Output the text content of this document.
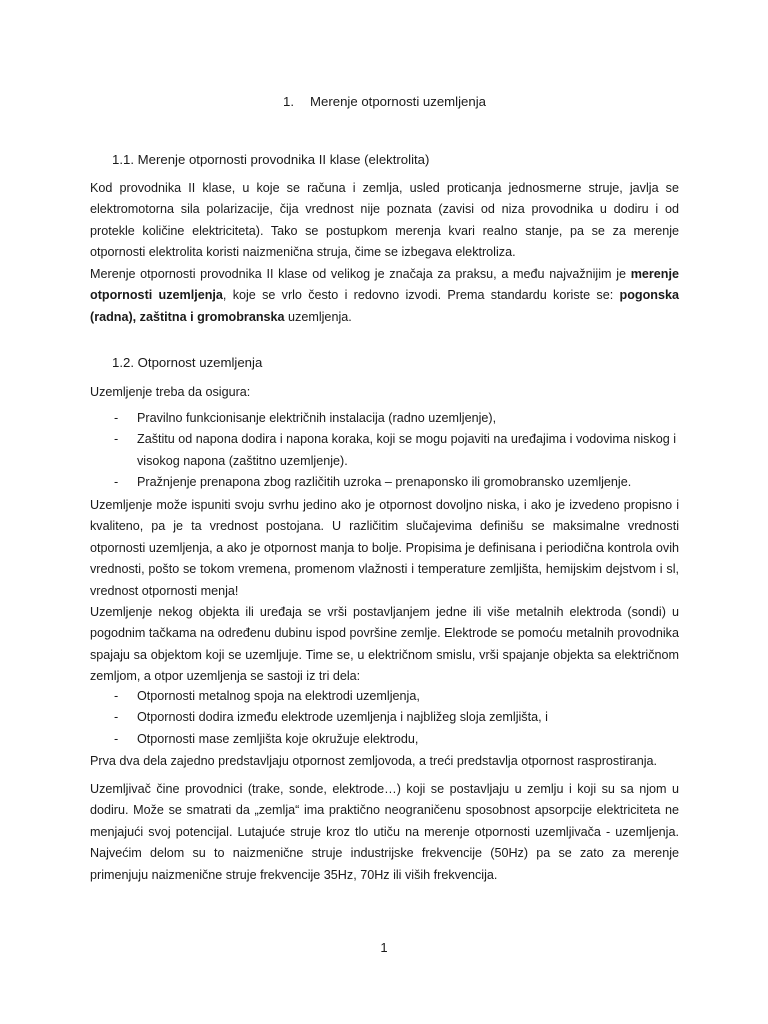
1. Merenje otpornosti uzemljenja
1.1. Merenje otpornosti provodnika II klase (elektrolita)

Kod provodnika II klase, u koje se računa i zemlja, usled proticanja jednosmerne struje, javlja se elektromotorna sila polarizacije, čija vrednost nije poznata (zavisi od niza provodnika u dodiru i od protekle količine elektriciteta). Tako se postupkom merenja kvari realno stanje, pa se za merenje otpornosti elektrolita koristi naizmenična struja, čime se izbegava elektroliza.

Merenje otpornosti provodnika II klase od velikog je značaja za praksu, a među najvažnijim je merenje otpornosti uzemljenja, koje se vrlo često i redovno izvodi. Prema standardu koriste se: pogonska (radna), zaštitna i gromobranska uzemljenja.

1.2. Otpornost uzemljenja

Uzemljenje treba da osigura:

- Pravilno funkcionisanje električnih instalacija (radno uzemljenje),
- Zaštitu od napona dodira i napona koraka, koji se mogu pojaviti na uređajima i vodovima niskog i visokog napona (zaštitno uzemljenje).
- Pražnjenje prenapona zbog različitih uzroka – prenaponsko ili gromobransko uzemljenje.

Uzemljenje može ispuniti svoju svrhu jedino ako je otpornost dovoljno niska, i ako je izvedeno propisno i kvaliteno, pa je ta vrednost postojana. U različitim slučajevima definišu se maksimalne vrednosti otpornosti uzemljenja, a ako je otpornost manja to bolje. Propisima je definisana i periodična kontrola ovih vrednosti, pošto se tokom vremena, promenom vlažnosti i temperature zemljišta, hemijskim dejstvom i sl, vrednost otpornosti menja!

Uzemljenje nekog objekta ili uređaja se vrši postavljanjem jedne ili više metalnih elektroda (sondi) u pogodnim tačkama na određenu dubinu ispod površine zemlje. Elektrode se pomoću metalnih provodnika spajaju sa objektom koji se uzemljuje. Time se, u električnom smislu, vrši spajanje objekta sa električnom zemljom, a otpor uzemljenja se sastoji iz tri dela:

- Otpornosti metalnog spoja na elektrodi uzemljenja,
- Otpornosti dodira između elektrode uzemljenja i najbližeg sloja zemljišta, i
- Otpornosti mase zemljišta koje okružuje elektrodu,

Prva dva dela zajedno predstavljaju otpornost zemljovoda, a treći predstavlja otpornost rasprostiranja.

Uzemljivač čine provodnici (trake, sonde, elektrode…) koji se postavljaju u zemlju i koji su sa njom u dodiru. Može se smatrati da „zemlja“ ima praktično neograničenu sposobnost apsorpcije elektriciteta ne menjajući svoj potencijal. Lutajuće struje kroz tlo utiču na merenje otpornosti uzemljivača - uzemljenja. Najvećim delom su to naizmenične struje industrijske frekvencije (50Hz) pa se zato za merenje primenjuju naizmenične struje frekvencije 35Hz, 70Hz ili viših frekvencija.

1
